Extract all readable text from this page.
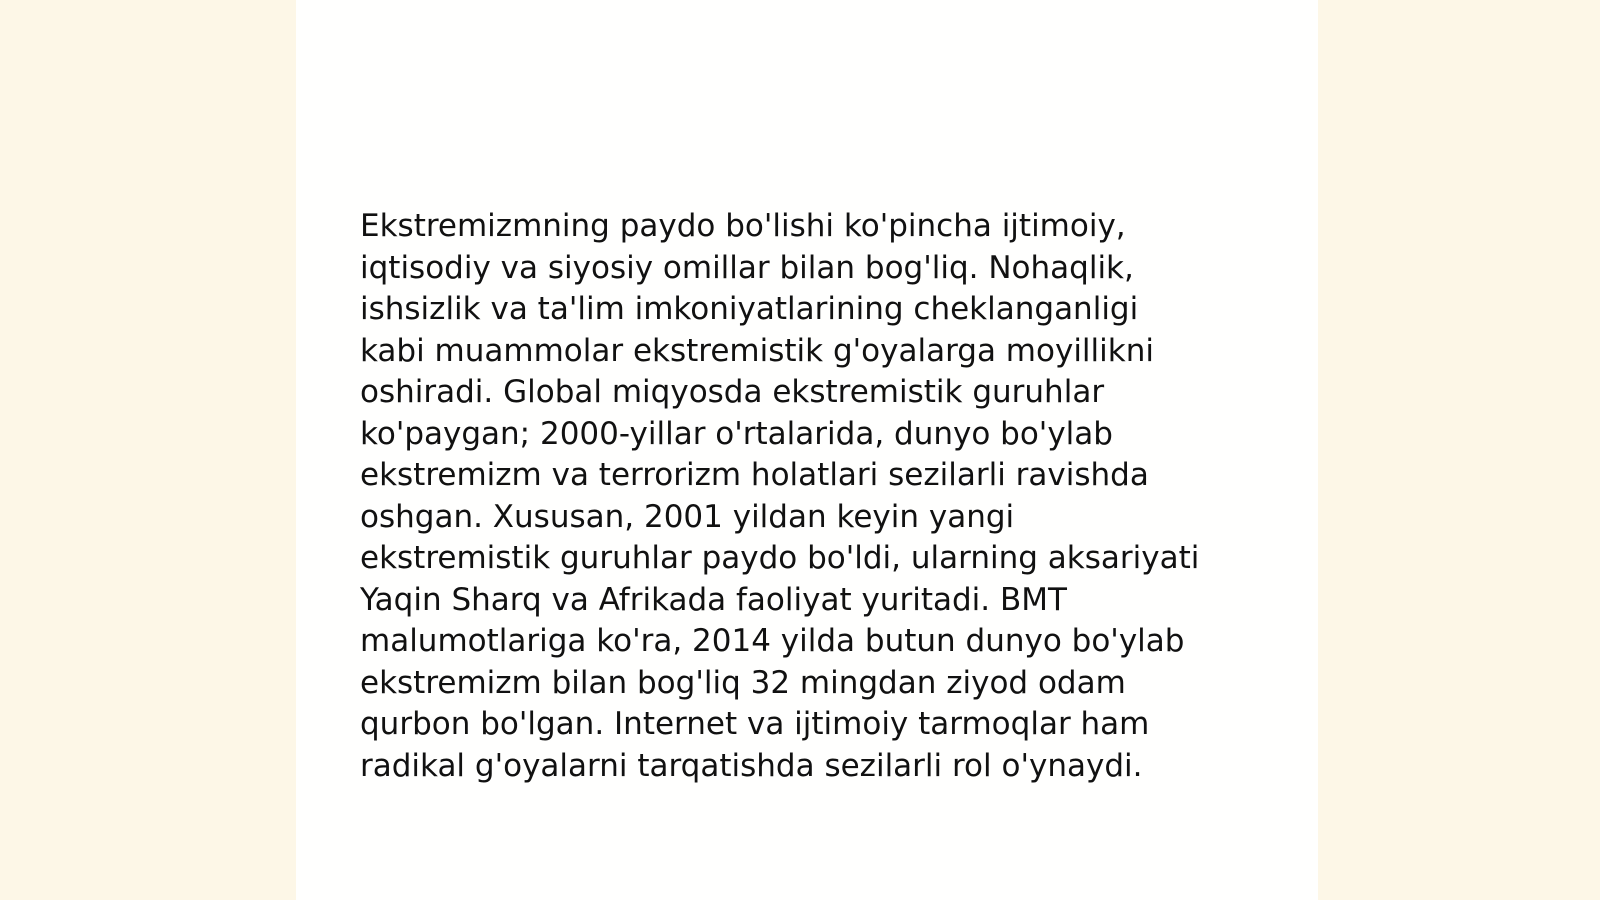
Ekstremizmning paydo bo'lishi ko'pincha ijtimoiy,
iqtisodiy va siyosiy omillar bilan bog'liq. Nohaqlik,
ishsizlik va ta'lim imkoniyatlarining cheklanganligi
kabi muammolar ekstremistik g'oyalarga moyillikni
oshiradi. Global miqyosda ekstremistik guruhlar
ko'paygan; 2000-yillar o'rtalarida, dunyo bo'ylab
ekstremizm va terrorizm holatlari sezilarli ravishda
oshgan. Xususan, 2001 yildan keyin yangi
ekstremistik guruhlar paydo bo'ldi, ularning aksariyati
Yaqin Sharq va Afrikada faoliyat yuritadi. BMT
malumotlariga ko'ra, 2014 yilda butun dunyo bo'ylab
ekstremizm bilan bog'liq 32 mingdan ziyod odam
qurbon bo'lgan. Internet va ijtimoiy tarmoqlar ham
radikal g'oyalarni tarqatishda sezilarli rol o'ynaydi.
